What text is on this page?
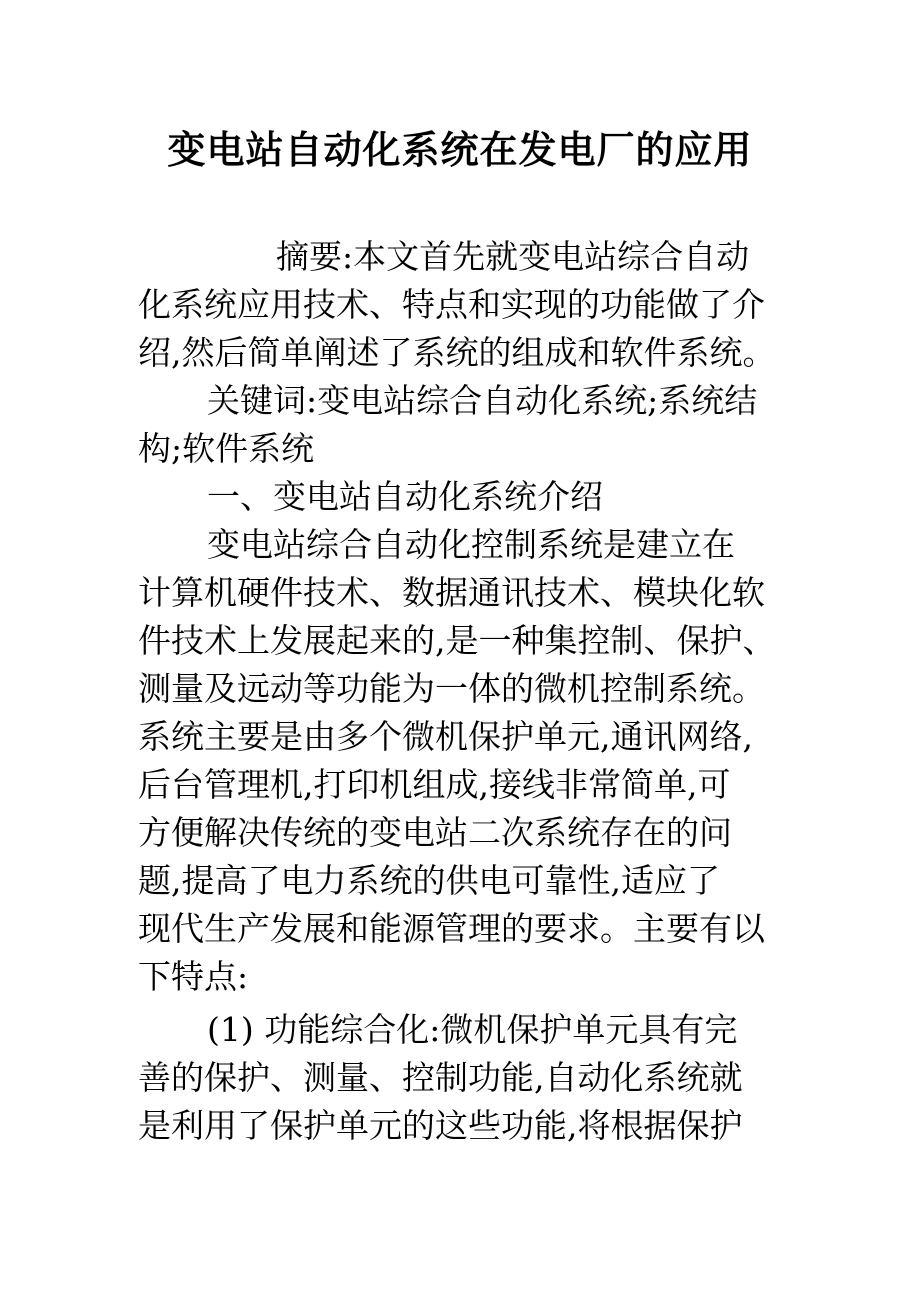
变电站自动化系统在发电厂的应用
摘要:本文首先就变电站综合自动
化系统应用技术、特点和实现的功能做了介
绍,然后简单阐述了系统的组成和软件系统。
关键词:变电站综合自动化系统;系统结
构;软件系统
一、变电站自动化系统介绍
变电站综合自动化控制系统是建立在
计算机硬件技术、数据通讯技术、模块化软
件技术上发展起来的,是一种集控制、保护、
测量及远动等功能为一体的微机控制系统。
系统主要是由多个微机保护单元,通讯网络,
后台管理机,打印机组成,接线非常简单,可
方便解决传统的变电站二次系统存在的问
题,提高了电力系统的供电可靠性,适应了
现代生产发展和能源管理的要求。主要有以
下特点:
(1) 功能综合化:微机保护单元具有完
善的保护、测量、控制功能,自动化系统就
是利用了保护单元的这些功能,将根据保护
